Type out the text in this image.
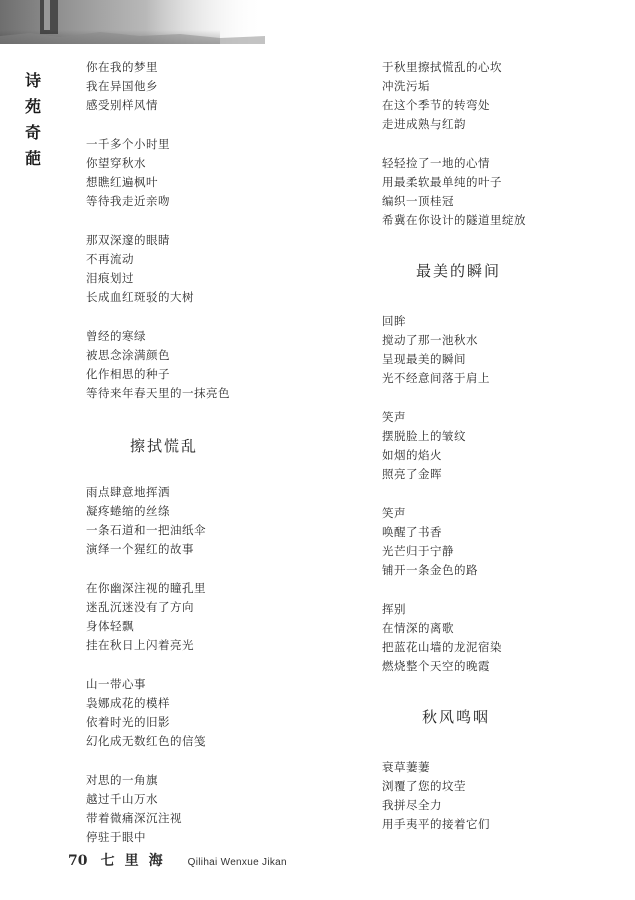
诗
苑
奇
葩
你在我的梦里
我在异国他乡
感受别样风情
一千多个小时里
你望穿秋水
想瞧红遍枫叶
等待我走近亲吻
那双深邃的眼睛
不再流动
泪痕划过
长成血红斑驳的大树
曾经的寒绿
被思念涂满颜色
化作相思的种子
等待来年春天里的一抹亮色
擦拭慌乱
雨点肆意地挥洒
凝疼蜷缩的丝绦
一条石道和一把油纸伞
演绎一个猩红的故事
在你幽深注视的瞳孔里
迷乱沉迷没有了方向
身体轻飘
挂在秋日上闪着亮光
山一带心事
袅娜成花的模样
依着时光的旧影
幻化成无数红色的信笺
对思的一角旗
越过千山万水
带着微痛深沉注视
停驻于眼中
于秋里擦拭慌乱的心坎
冲洗污垢
在这个季节的转弯处
走进成熟与红韵
轻轻捡了一地的心情
用最柔软最单纯的叶子
编织一顶桂冠
希冀在你设计的隧道里绽放
最美的瞬间
回眸
搅动了那一池秋水
呈现最美的瞬间
光不经意间落于肩上
笑声
摆脱脸上的皱纹
如烟的焰火
照亮了金晖
笑声
唤醒了书香
光芒归于宁静
铺开一条金色的路
挥别
在情深的离歌
把蓝花山墙的龙泥宿染
燃烧整个天空的晚霞
秋风鸣咽
衰草萋萋
浏覆了您的坟茔
我拼尽全力
用手夷平的接着它们
70 七里海 Qilihai Wenxue Jikan
